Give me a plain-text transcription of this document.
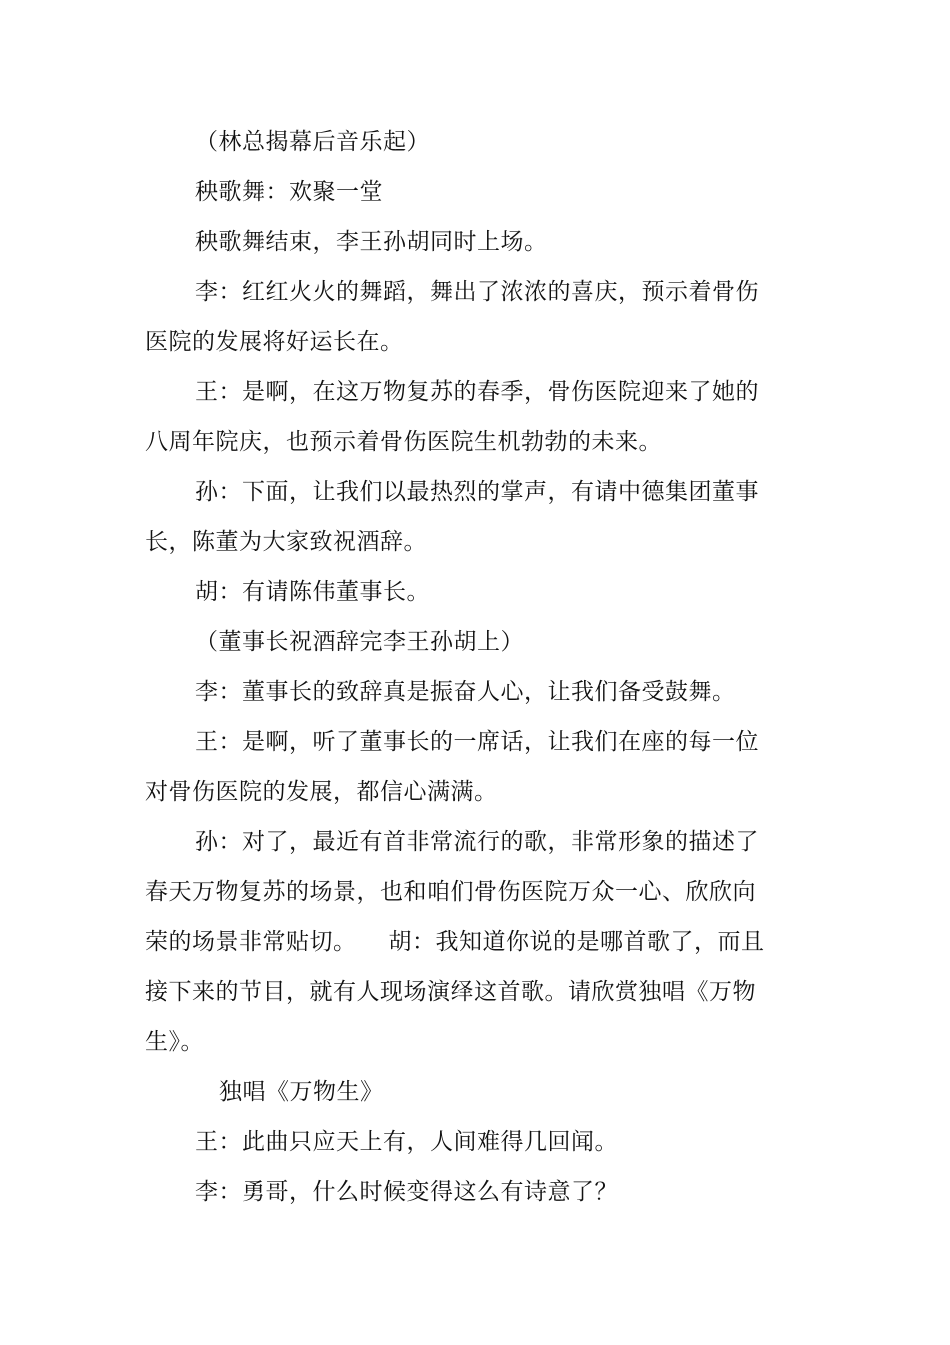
（林总揭幕后音乐起）
秧歌舞：欢聚一堂
秧歌舞结束，李王孙胡同时上场。
李：红红火火的舞蹈，舞出了浓浓的喜庆，预示着骨伤
医院的发展将好运长在。
王：是啊，在这万物复苏的春季，骨伤医院迎来了她的
八周年院庆，也预示着骨伤医院生机勃勃的未来。
孙：下面，让我们以最热烈的掌声，有请中德集团董事
长，陈董为大家致祝酒辞。
胡：有请陈伟董事长。
（董事长祝酒辞完李王孙胡上）
李：董事长的致辞真是振奋人心，让我们备受鼓舞。
王：是啊，听了董事长的一席话，让我们在座的每一位
对骨伤医院的发展，都信心满满。
孙：对了，最近有首非常流行的歌，非常形象的描述了
春天万物复苏的场景，也和咱们骨伤医院万众一心、欣欣向
荣的场景非常贴切。 胡：我知道你说的是哪首歌了，而且
接下来的节目，就有人现场演绎这首歌。请欣赏独唱《万物
生》。
独唱《万物生》
王：此曲只应天上有，人间难得几回闻。
李：勇哥，什么时候变得这么有诗意了？
